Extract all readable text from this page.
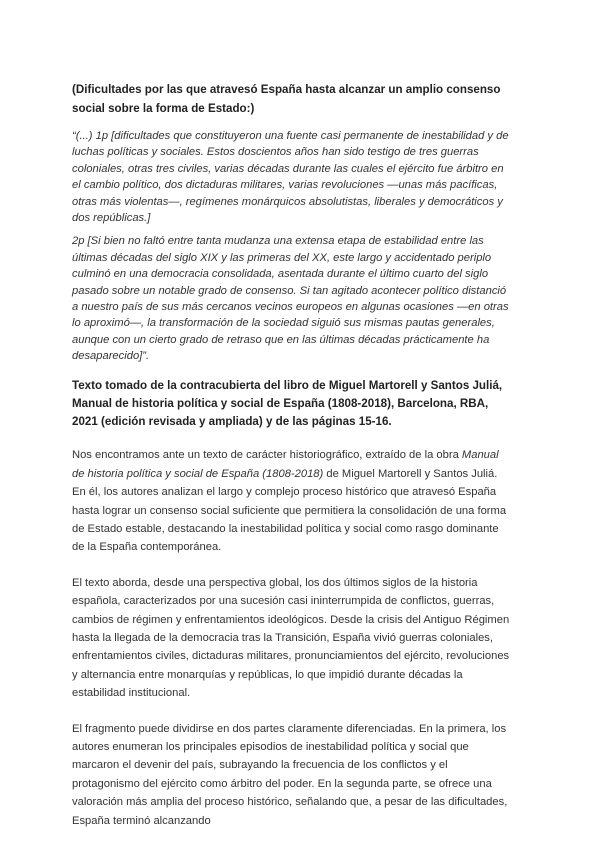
(Dificultades por las que atravesó España hasta alcanzar un amplio consenso social sobre la forma de Estado:)

“(...) 1p [dificultades que constituyeron una fuente casi permanente de inestabilidad y de luchas políticas y sociales. Estos doscientos años han sido testigo de tres guerras coloniales, otras tres civiles, varias décadas durante las cuales el ejército fue árbitro en el cambio político, dos dictaduras militares, varias revoluciones —unas más pacíficas, otras más violentas—, regímenes monárquicos absolutistas, liberales y democráticos y dos repúblicas.]

2p [Si bien no faltó entre tanta mudanza una extensa etapa de estabilidad entre las últimas décadas del siglo XIX y las primeras del XX, este largo y accidentado periplo culminó en una democracia consolidada, asentada durante el último cuarto del siglo pasado sobre un notable grado de consenso. Si tan agitado acontecer político distanció a nuestro país de sus más cercanos vecinos europeos en algunas ocasiones —en otras lo aproximó—, la transformación de la sociedad siguió sus mismas pautas generales, aunque con un cierto grado de retraso que en las últimas décadas prácticamente ha desaparecido]”.

Texto tomado de la contracubierta del libro de Miguel Martorell y Santos Juliá, Manual de historia política y social de España (1808-2018), Barcelona, RBA, 2021 (edición revisada y ampliada) y de las páginas 15-16.

Nos encontramos ante un texto de carácter historiográfico, extraído de la obra Manual de historia política y social de España (1808-2018) de Miguel Martorell y Santos Juliá. En él, los autores analizan el largo y complejo proceso histórico que atravesó España hasta lograr un consenso social suficiente que permitiera la consolidación de una forma de Estado estable, destacando la inestabilidad política y social como rasgo dominante de la España contemporánea.

El texto aborda, desde una perspectiva global, los dos últimos siglos de la historia española, caracterizados por una sucesión casi ininterrumpida de conflictos, guerras, cambios de régimen y enfrentamientos ideológicos. Desde la crisis del Antiguo Régimen hasta la llegada de la democracia tras la Transición, España vivió guerras coloniales, enfrentamientos civiles, dictaduras militares, pronunciamientos del ejército, revoluciones y alternancia entre monarquías y repúblicas, lo que impidió durante décadas la estabilidad institucional.

El fragmento puede dividirse en dos partes claramente diferenciadas. En la primera, los autores enumeran los principales episodios de inestabilidad política y social que marcaron el devenir del país, subrayando la frecuencia de los conflictos y el protagonismo del ejército como árbitro del poder. En la segunda parte, se ofrece una valoración más amplia del proceso histórico, señalando que, a pesar de las dificultades, España terminó alcanzando
